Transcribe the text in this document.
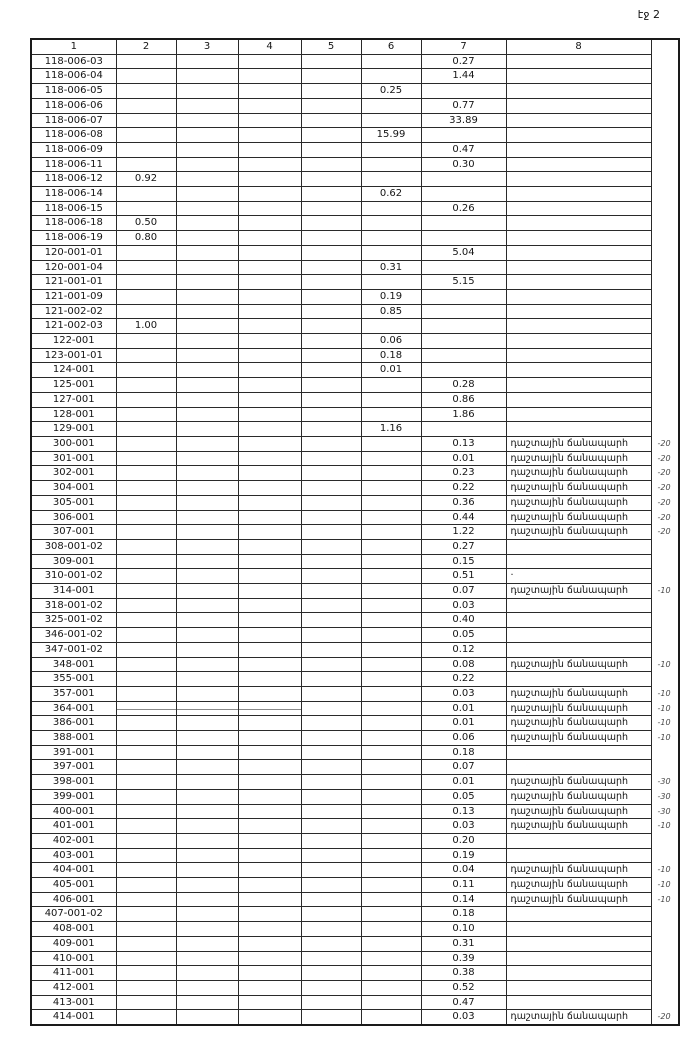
էջ 2
1	2	3	4	5	6	7	8	
118-006-03						0.27		
118-006-04						1.44		
118-006-05					0.25			
118-006-06						0.77		
118-006-07						33.89		
118-006-08					15.99			
118-006-09						0.47		
118-006-11						0.30		
118-006-12	0.92							
118-006-14					0.62			
118-006-15						0.26		
118-006-18	0.50							
118-006-19	0.80							
120-001-01						5.04		
120-001-04					0.31			
121-001-01						5.15		
121-001-09					0.19			
121-002-02					0.85			
121-002-03	1.00							
122-001					0.06			
123-001-01					0.18			
124-001					0.01			
125-001						0.28		
127-001						0.86		
128-001						1.86		
129-001					1.16			
300-001						0.13	դաշտային ճանապարհ	-20
301-001						0.01	դաշտային ճանապարհ	-20
302-001						0.23	դաշտային ճանապարհ	-20
304-001						0.22	դաշտային ճանապարհ	-20
305-001						0.36	դաշտային ճանապարհ	-20
306-001						0.44	դաշտային ճանապարհ	-20
307-001						1.22	դաշտային ճանապարհ	-20
308-001-02						0.27		
309-001						0.15		
310-001-02						0.51	·	
314-001						0.07	դաշտային ճանապարհ	-10
318-001-02						0.03		
325-001-02						0.40		
346-001-02						0.05		
347-001-02						0.12		
348-001						0.08	դաշտային ճանապարհ	-10
355-001						0.22		
357-001						0.03	դաշտային ճանապարհ	-10
364-001						0.01	դաշտային ճանապարհ	-10
386-001						0.01	դաշտային ճանապարհ	-10
388-001						0.06	դաշտային ճանապարհ	-10
391-001						0.18		
397-001						0.07		
398-001						0.01	դաշտային ճանապարհ	-30
399-001						0.05	դաշտային ճանապարհ	-30
400-001						0.13	դաշտային ճանապարհ	-30
401-001						0.03	դաշտային ճանապարհ	-10
402-001						0.20		
403-001						0.19		
404-001						0.04	դաշտային ճանապարհ	-10
405-001						0.11	դաշտային ճանապարհ	-10
406-001						0.14	դաշտային ճանապարհ	-10
407-001-02						0.18		
408-001						0.10		
409-001						0.31		
410-001						0.39		
411-001						0.38		
412-001						0.52		
413-001						0.47		
414-001						0.03	դաշտային ճանապարհ	-20
